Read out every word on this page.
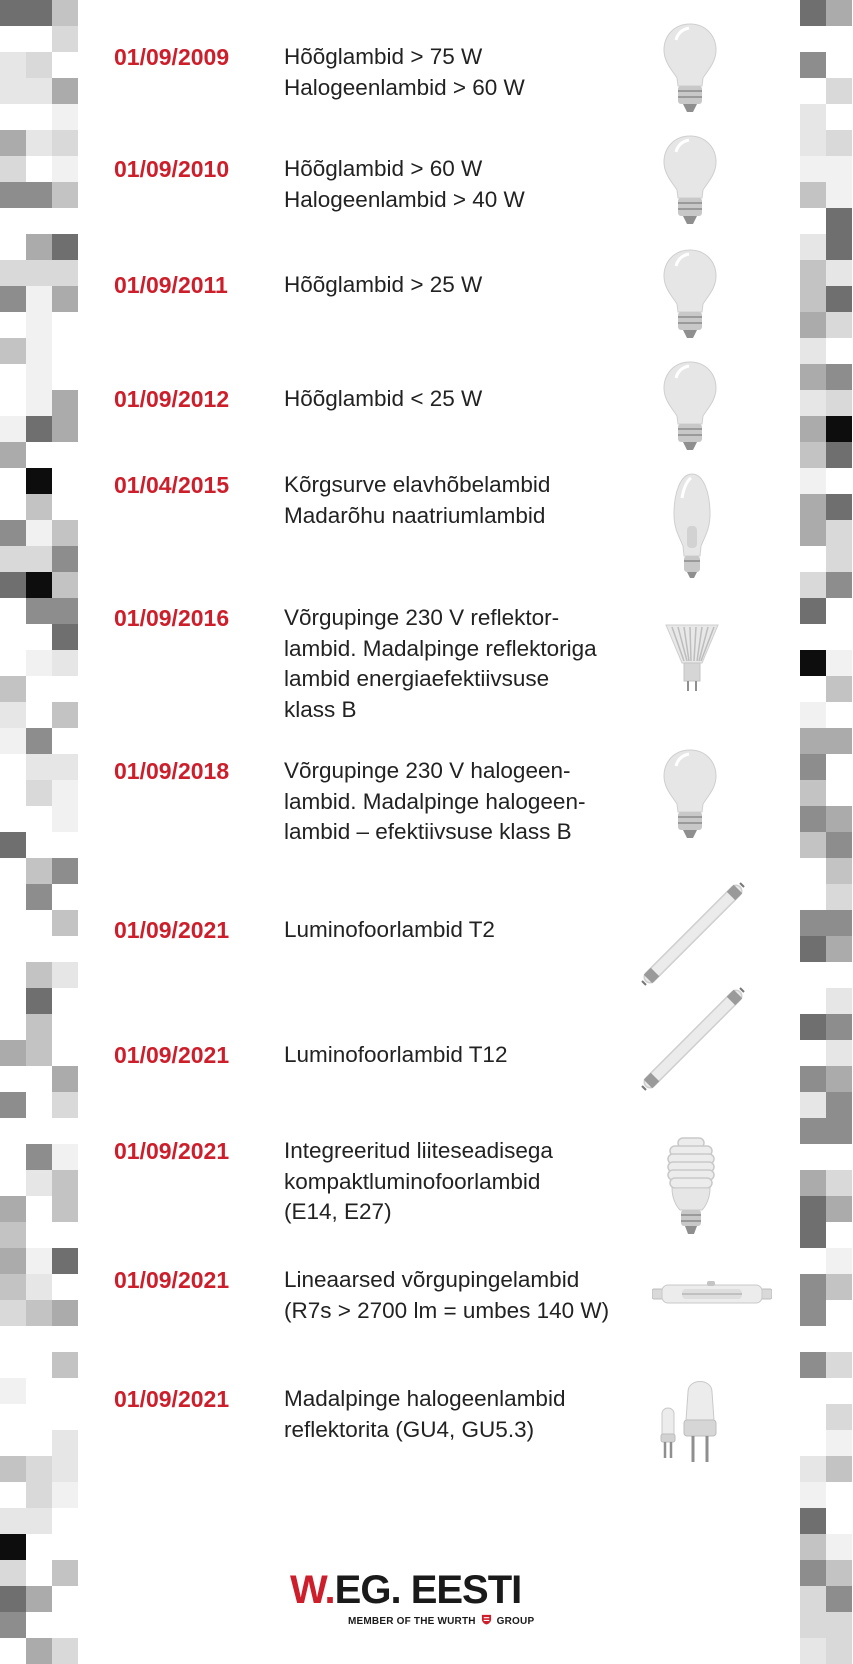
01/09/2009 Hõõglambid > 75 W
Halogeenlambid > 60 W
01/09/2010 Hõõglambid > 60 W
Halogeenlambid > 40 W
01/09/2011 Hõõglambid > 25 W
01/09/2012 Hõõglambid < 25 W
01/04/2015 Kõrgsurve elavhõbelambid
Madarõhu naatriumlambid
01/09/2016 Võrgupinge 230 V reflektor-
lambid. Madalpinge reflektoriga
lambid energiaefektiivsuse
klass B
01/09/2018 Võrgupinge 230 V halogeen-
lambid. Madalpinge halogeen-
lambid – efektiivsuse klass B
01/09/2021 Luminofoorlambid T2
01/09/2021 Luminofoorlambid T12
01/09/2021 Integreeritud liiteseadisega
kompaktluminofoorlambid
(E14, E27)
01/09/2021 Lineaarsed võrgupingelambid
(R7s > 2700 lm = umbes 140 W)
01/09/2021 Madalpinge halogeenlambid
reflektorita (GU4, GU5.3)
W.EG. EESTI
MEMBER OF THE WURTH GROUP
